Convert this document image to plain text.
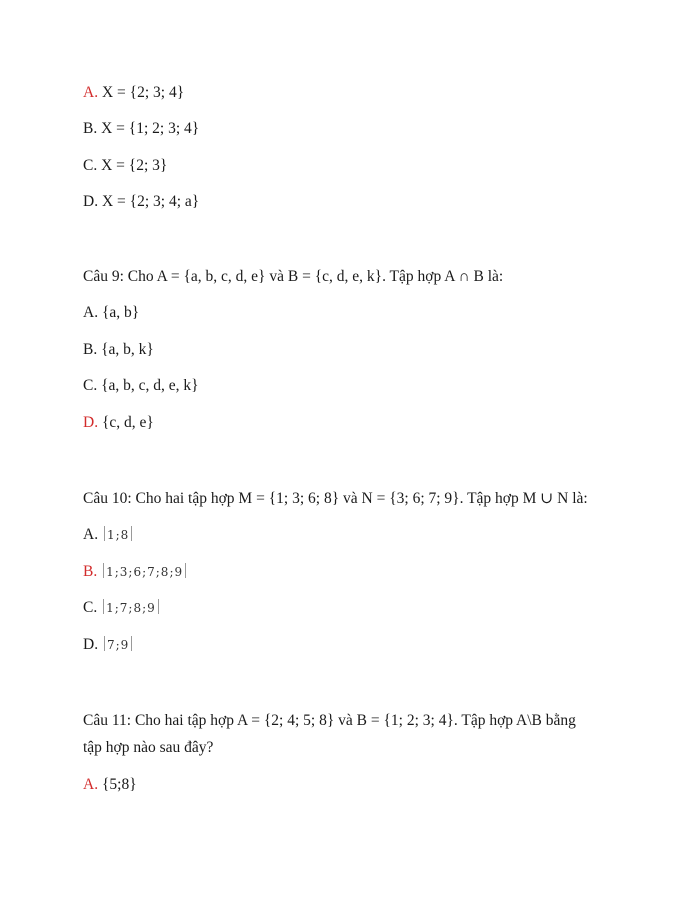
A. X = {2; 3; 4}
B. X = {1; 2; 3; 4}
C. X = {2; 3}
D. X = {2; 3; 4; a}
Câu 9: Cho A = {a, b, c, d, e} và B = {c, d, e, k}. Tập hợp A ∩ B là:
A. {a, b}
B. {a, b, k}
C. {a, b, c, d, e, k}
D. {c, d, e}
Câu 10: Cho hai tập hợp M = {1; 3; 6; 8} và N = {3; 6; 7; 9}. Tập hợp M ∪ N là:
A. 1;8
B. 1;3;6;7;8;9
C. 1;7;8;9
D. 7;9
Câu 11: Cho hai tập hợp A = {2; 4; 5; 8} và B = {1; 2; 3; 4}. Tập hợp A\B bằng
tập hợp nào sau đây?
A. {5;8}
